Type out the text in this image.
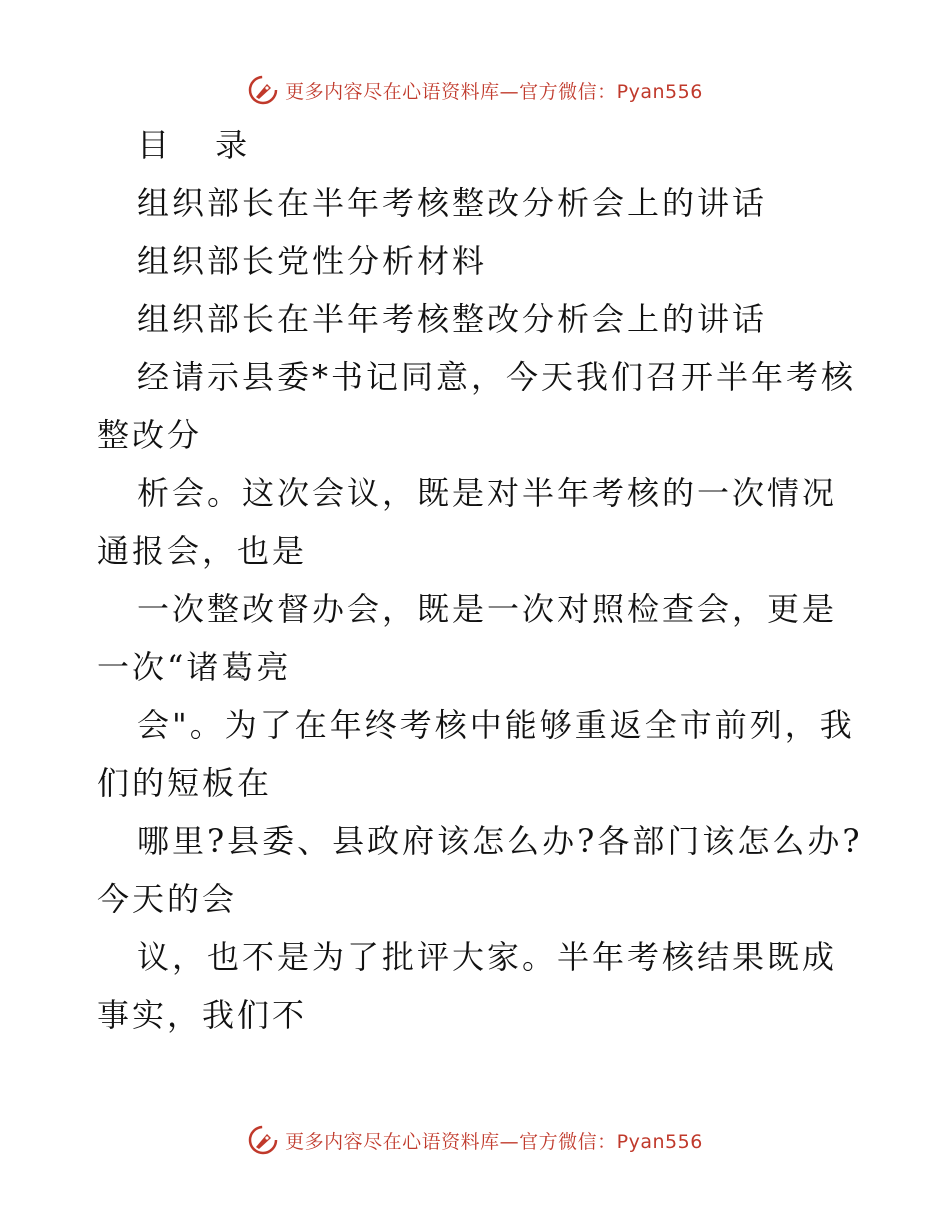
更多内容尽在心语资料库—官方微信：Pyan556

目 录

组织部长在半年考核整改分析会上的讲话

组织部长党性分析材料

组织部长在半年考核整改分析会上的讲话

经请示县委*书记同意，今天我们召开半年考核整改分

析会。这次会议，既是对半年考核的一次情况通报会，也是

一次整改督办会，既是一次对照检查会，更是一次“诸葛亮

会"。为了在年终考核中能够重返全市前列，我们的短板在

哪里?县委、县政府该怎么办?各部门该怎么办?今天的会

议，也不是为了批评大家。半年考核结果既成事实，我们不

更多内容尽在心语资料库—官方微信：Pyan556
